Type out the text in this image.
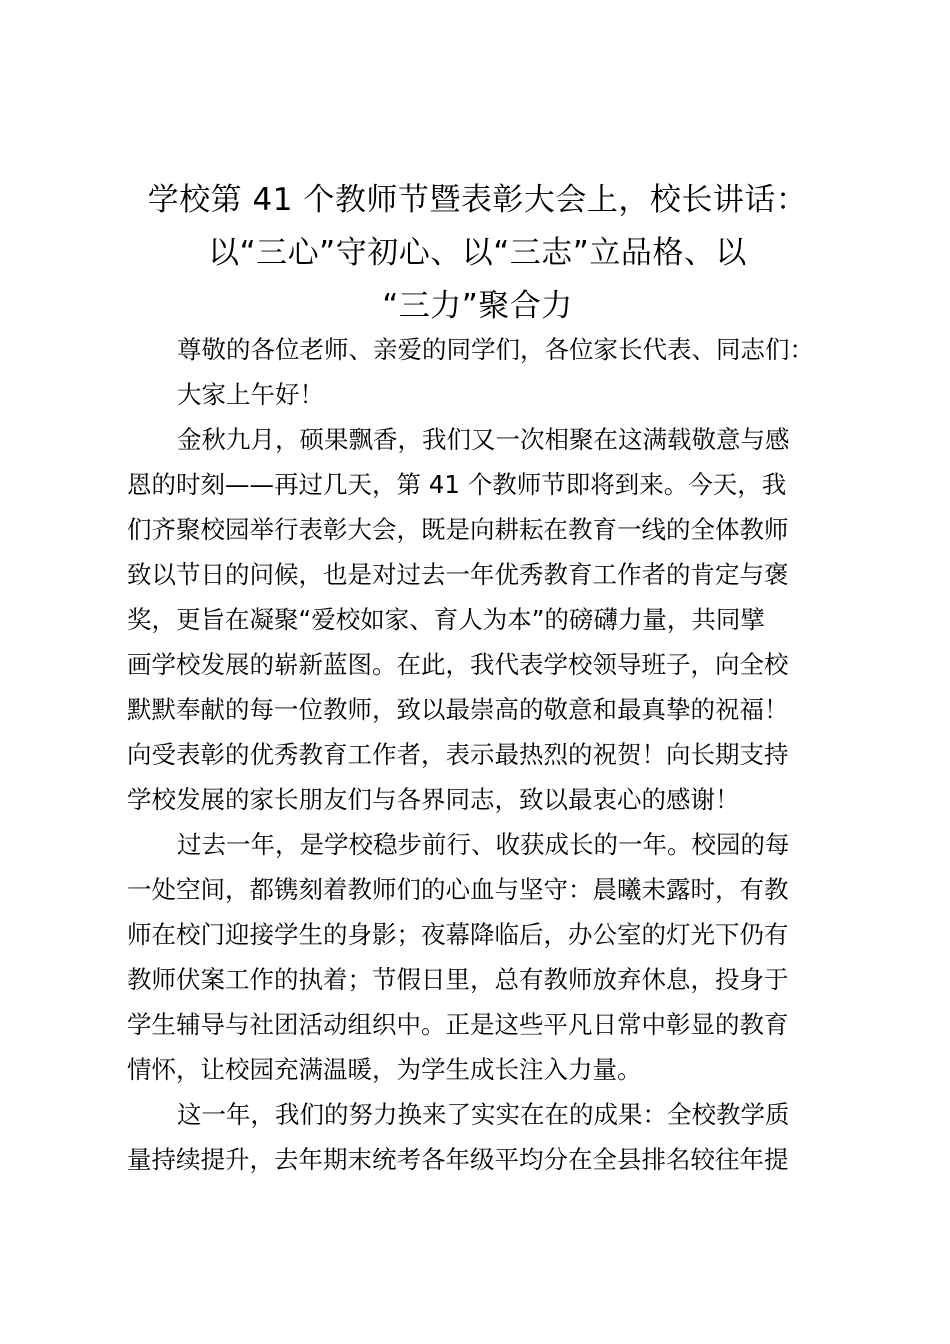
学校第 41 个教师节暨表彰大会上，校长讲话：
以“三心”守初心、以“三志”立品格、以
“三力”聚合力

尊敬的各位老师、亲爱的同学们，各位家长代表、同志们：

大家上午好！

金秋九月，硕果飘香，我们又一次相聚在这满载敬意与感
恩的时刻——再过几天，第 41 个教师节即将到来。今天，我
们齐聚校园举行表彰大会，既是向耕耘在教育一线的全体教师
致以节日的问候，也是对过去一年优秀教育工作者的肯定与褒
奖，更旨在凝聚“爱校如家、育人为本”的磅礴力量，共同擘
画学校发展的崭新蓝图。在此，我代表学校领导班子，向全校
默默奉献的每一位教师，致以最崇高的敬意和最真挚的祝福！
向受表彰的优秀教育工作者，表示最热烈的祝贺！向长期支持
学校发展的家长朋友们与各界同志，致以最衷心的感谢！

过去一年，是学校稳步前行、收获成长的一年。校园的每
一处空间，都镌刻着教师们的心血与坚守：晨曦未露时，有教
师在校门迎接学生的身影；夜幕降临后，办公室的灯光下仍有
教师伏案工作的执着；节假日里，总有教师放弃休息，投身于
学生辅导与社团活动组织中。正是这些平凡日常中彰显的教育
情怀，让校园充满温暖，为学生成长注入力量。

这一年，我们的努力换来了实实在在的成果：全校教学质
量持续提升，去年期末统考各年级平均分在全县排名较往年提
